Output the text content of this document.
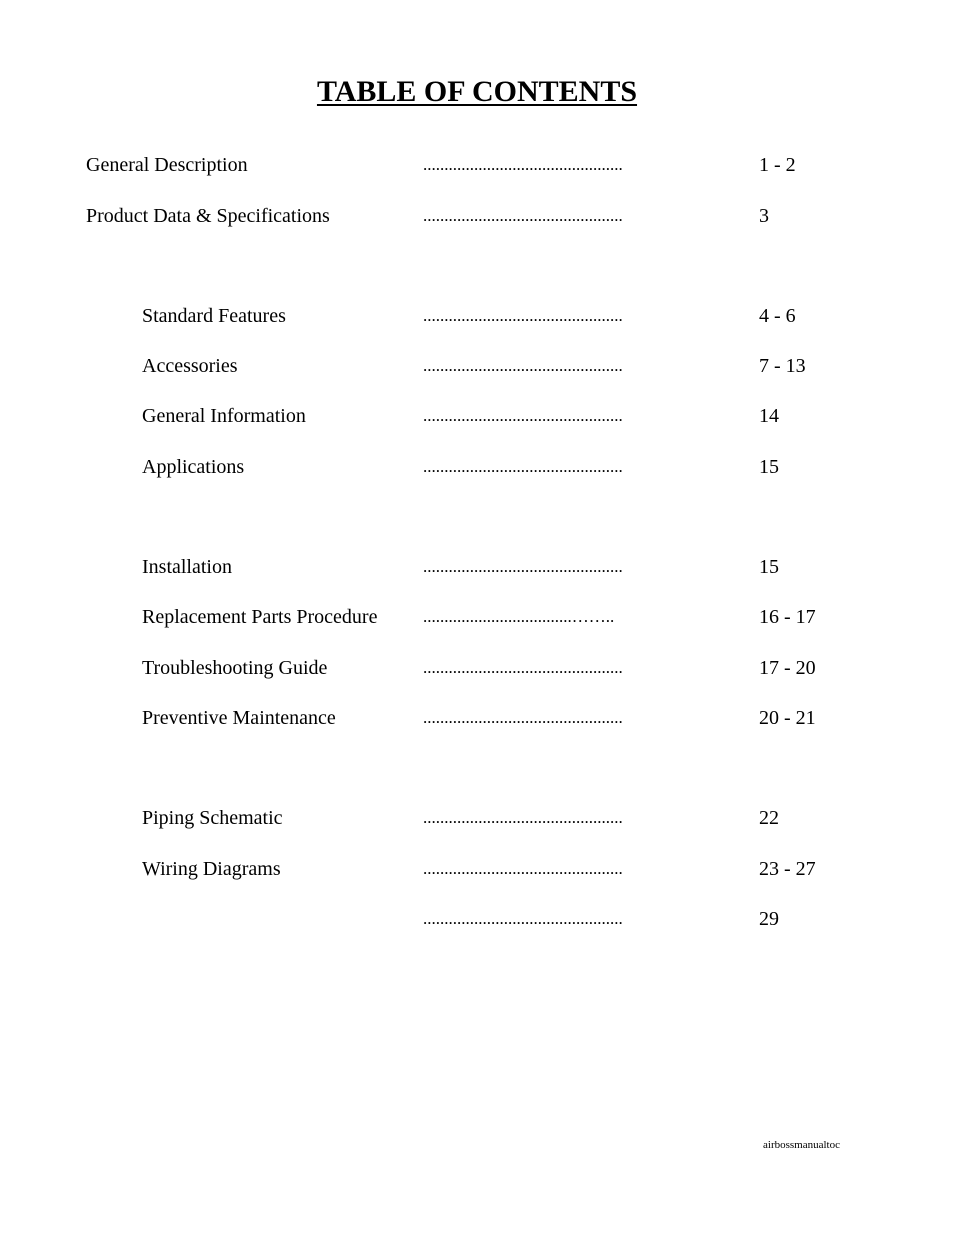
TABLE OF CONTENTS
General Description	...............................................	1 - 2
Product Data & Specifications	...............................................	3
Standard Features	...............................................	4 - 6
Accessories	...............................................	7 - 13
General Information	...............................................	14
Applications	...............................................	15
Installation	...............................................	15
Replacement Parts Procedure	...................................……..	16 - 17
Troubleshooting Guide	...............................................	17 - 20
Preventive Maintenance	...............................................	20 - 21
Piping Schematic	...............................................	22
Wiring Diagrams	...............................................	23 - 27
...............................................	29
airbossmanualtoc
